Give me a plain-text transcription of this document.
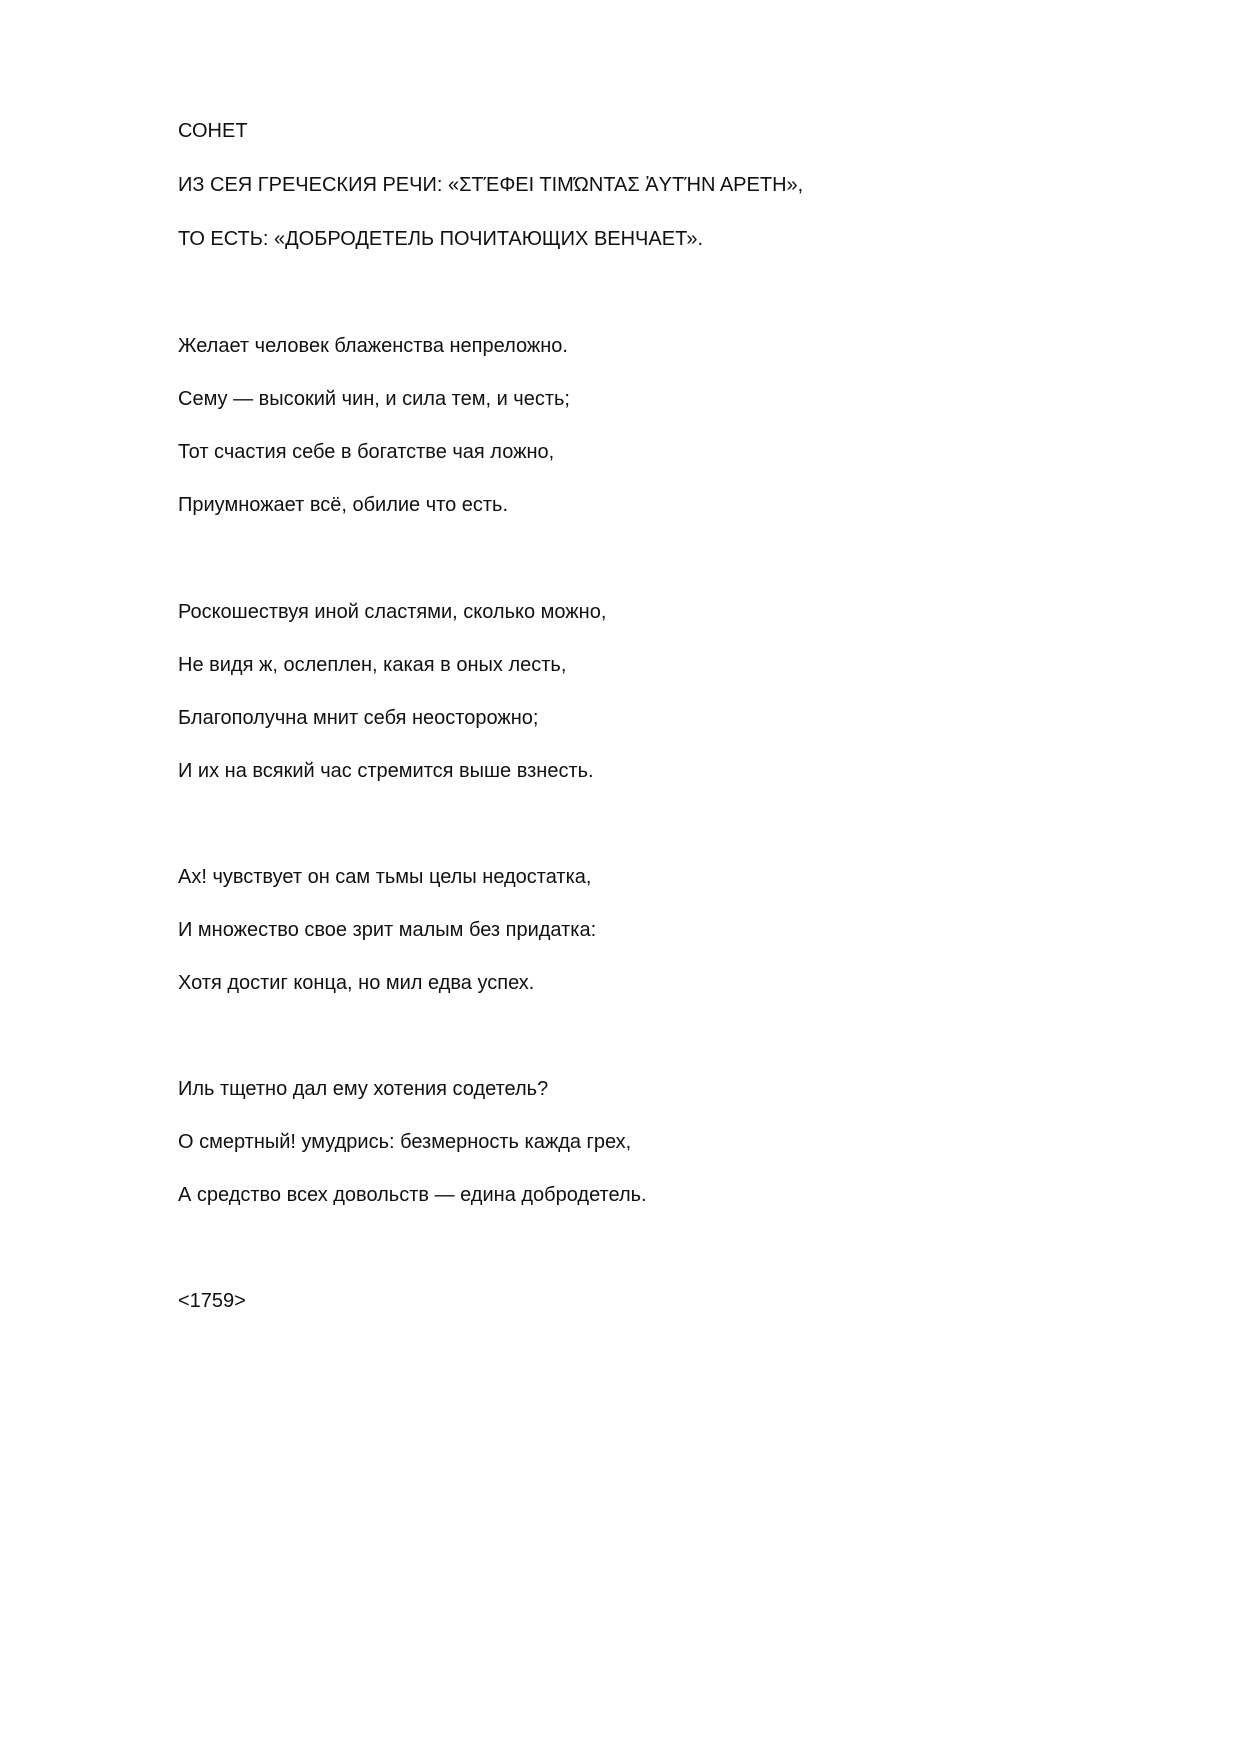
СОНЕТ
ИЗ СЕЯ ГРЕЧЕСКИЯ РЕЧИ: «ΣΤΈΦΕΙ ΤΙΜΏΝΤΑΣ ἈΥΤΉΝ ΑΡΕΤΗ»,
ТО ЕСТЬ: «ДОБРОДЕТЕЛЬ ПОЧИТАЮЩИХ ВЕНЧАЕТ».
Желает человек блаженства непреложно.
Сему — высокий чин, и сила тем, и честь;
Тот счастия себе в богатстве чая ложно,
Приумножает всё, обилие что есть.
Роскошествуя иной сластями, сколько можно,
Не видя ж, ослеплен, какая в оных лесть,
Благополучна мнит себя неосторожно;
И их на всякий час стремится выше взнесть.
Ах! чувствует он сам тьмы целы недостатка,
И множество свое зрит малым без придатка:
Хотя достиг конца, но мил едва успех.
Иль тщетно дал ему хотения содетель?
О смертный! умудрись: безмерность кажда грех,
А средство всех довольств — едина добродетель.
<1759>
